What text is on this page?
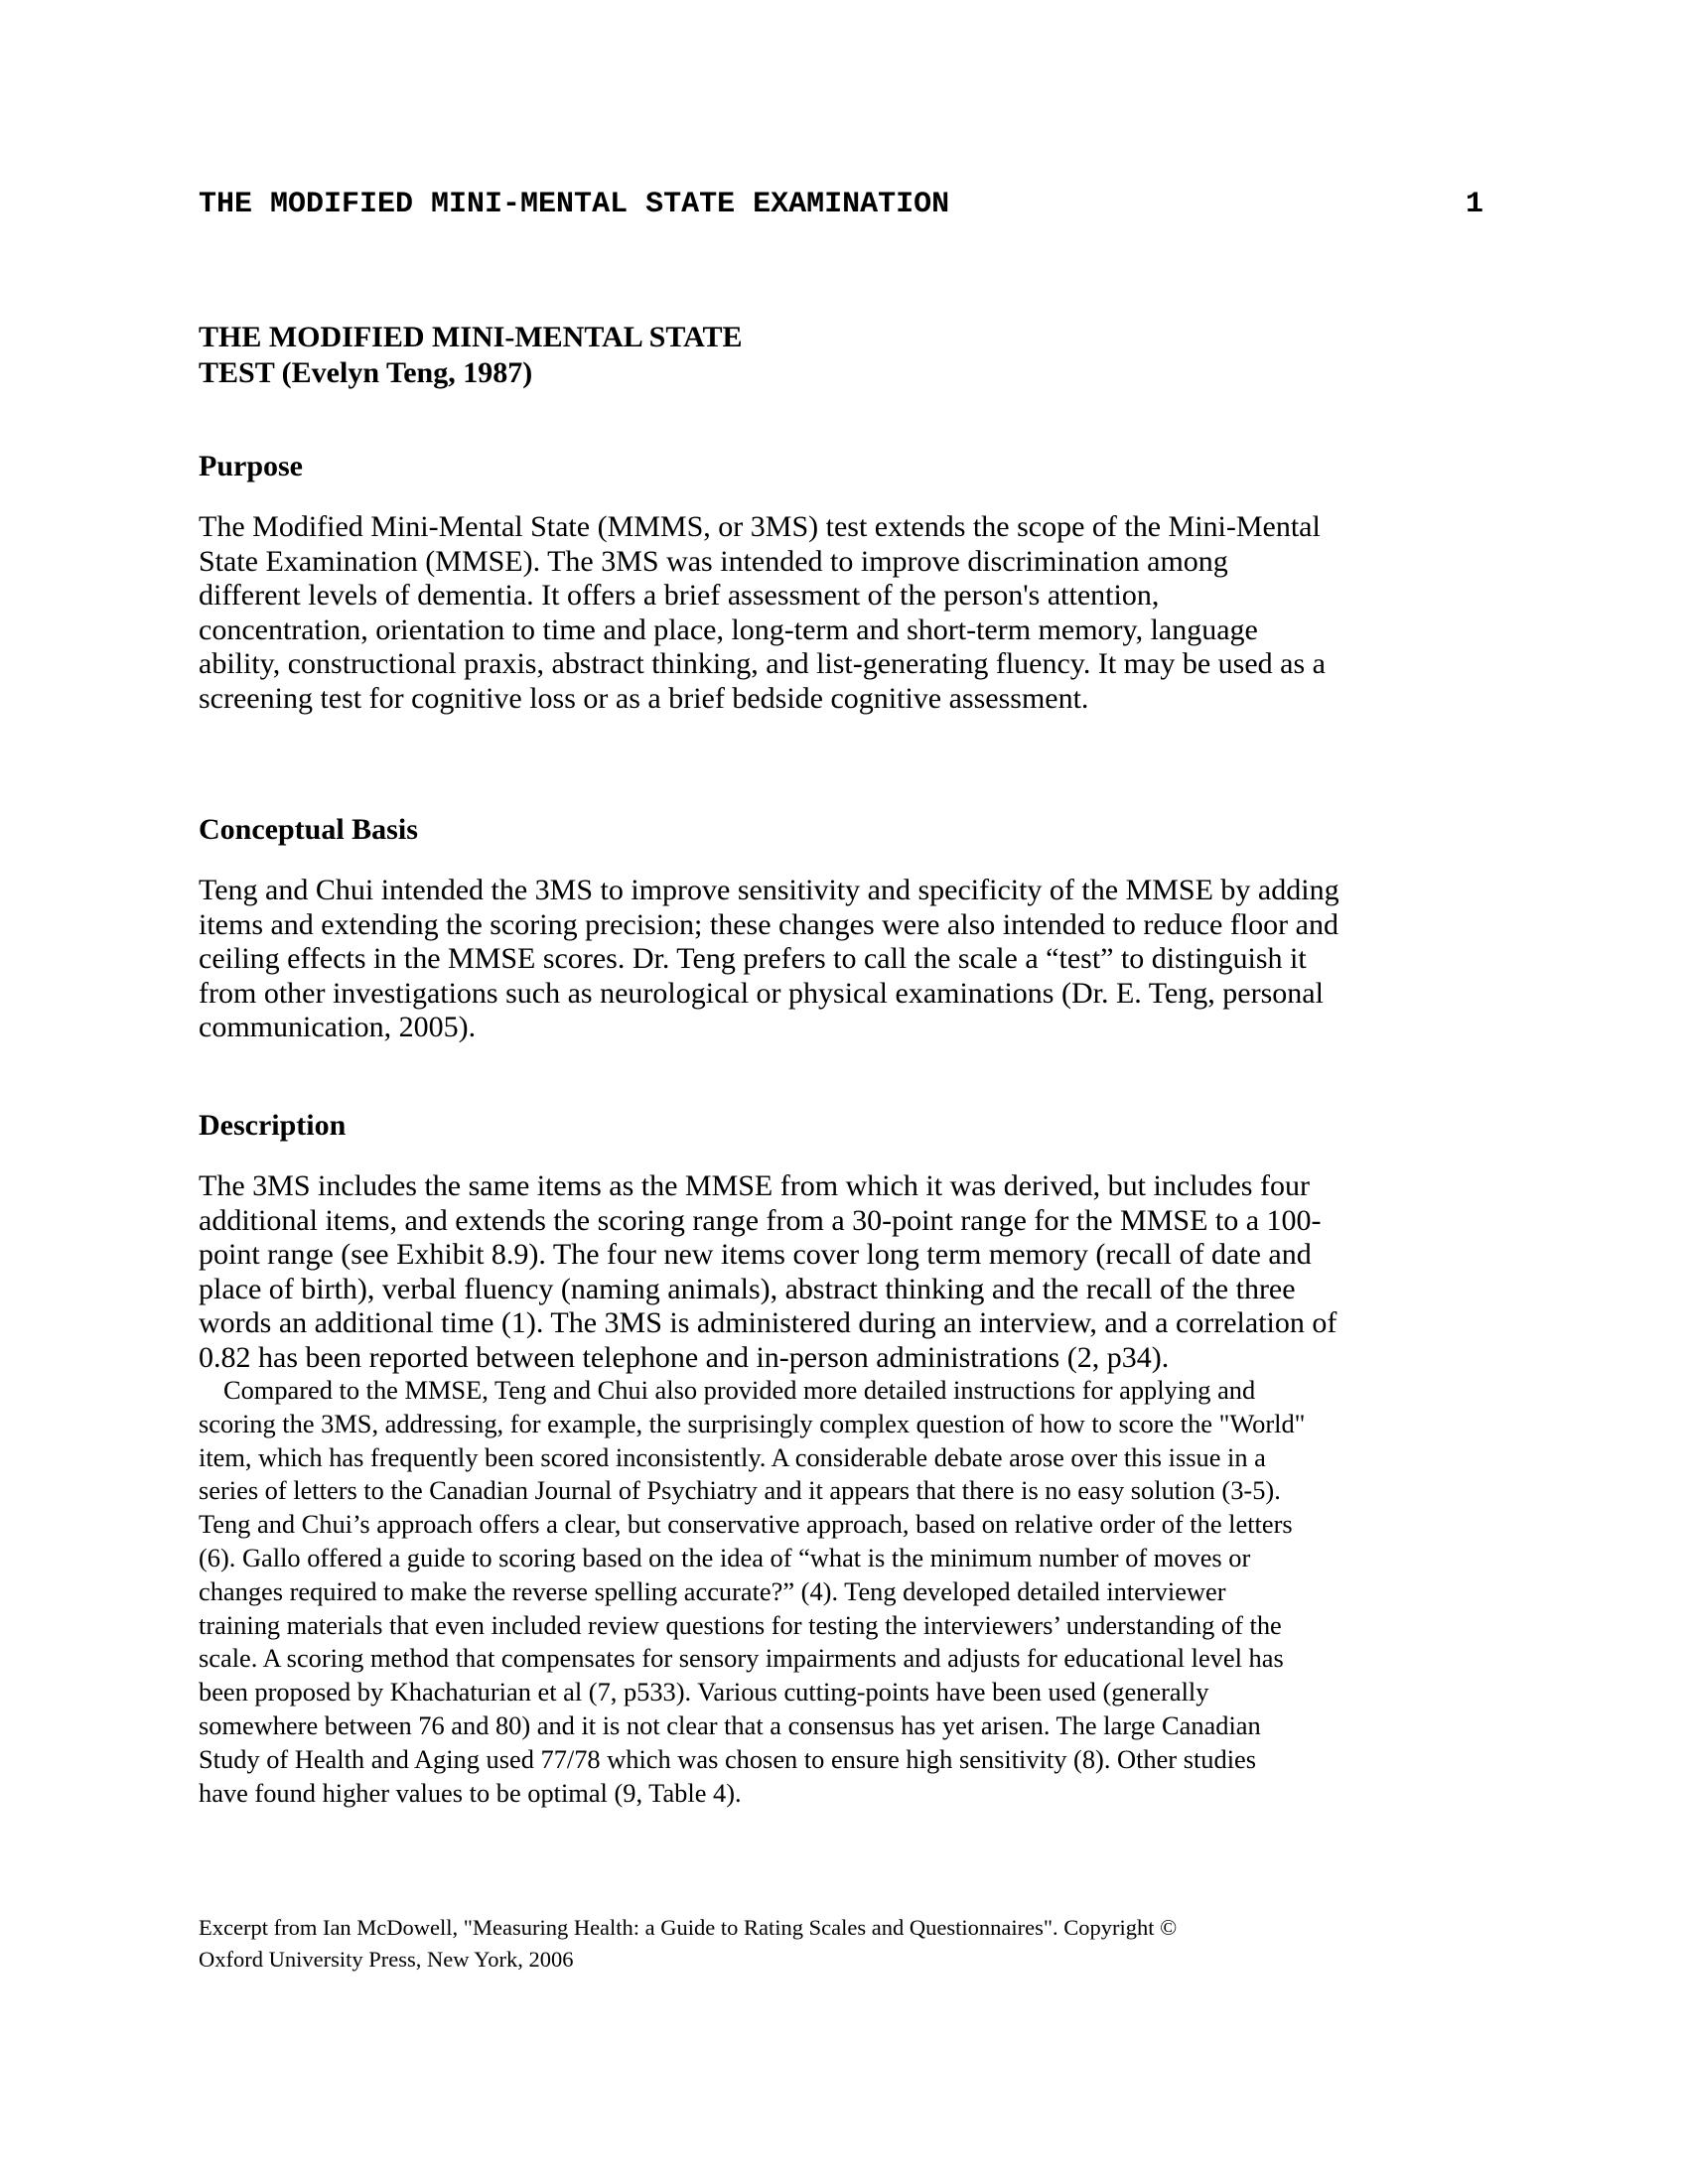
THE MODIFIED MINI-MENTAL STATE EXAMINATION	1
THE MODIFIED MINI-MENTAL STATE
TEST (Evelyn Teng, 1987)
Purpose

The Modified Mini-Mental State (MMMS, or 3MS) test extends the scope of the Mini-Mental
State Examination (MMSE). The 3MS was intended to improve discrimination among
different levels of dementia. It offers a brief assessment of the person's attention,
concentration, orientation to time and place, long-term and short-term memory, language
ability, constructional praxis, abstract thinking, and list-generating fluency. It may be used as a
screening test for cognitive loss or as a brief bedside cognitive assessment.

Conceptual Basis

Teng and Chui intended the 3MS to improve sensitivity and specificity of the MMSE by adding
items and extending the scoring precision; these changes were also intended to reduce floor and
ceiling effects in the MMSE scores. Dr. Teng prefers to call the scale a “test” to distinguish it
from other investigations such as neurological or physical examinations (Dr. E. Teng, personal
communication, 2005).

Description

The 3MS includes the same items as the MMSE from which it was derived, but includes four
additional items, and extends the scoring range from a 30-point range for the MMSE to a 100-
point range (see Exhibit 8.9). The four new items cover long term memory (recall of date and
place of birth), verbal fluency (naming animals), abstract thinking and the recall of the three
words an additional time (1). The 3MS is administered during an interview, and a correlation of
0.82 has been reported between telephone and in-person administrations (2, p34).

Compared to the MMSE, Teng and Chui also provided more detailed instructions for applying and
scoring the 3MS, addressing, for example, the surprisingly complex question of how to score the "World"
item, which has frequently been scored inconsistently. A considerable debate arose over this issue in a
series of letters to the Canadian Journal of Psychiatry and it appears that there is no easy solution (3-5).
Teng and Chui’s approach offers a clear, but conservative approach, based on relative order of the letters
(6). Gallo offered a guide to scoring based on the idea of “what is the minimum number of moves or
changes required to make the reverse spelling accurate?” (4). Teng developed detailed interviewer
training materials that even included review questions for testing the interviewers’ understanding of the
scale. A scoring method that compensates for sensory impairments and adjusts for educational level has
been proposed by Khachaturian et al (7, p533). Various cutting-points have been used (generally
somewhere between 76 and 80) and it is not clear that a consensus has yet arisen. The large Canadian
Study of Health and Aging used 77/78 which was chosen to ensure high sensitivity (8). Other studies
have found higher values to be optimal (9, Table 4).

Excerpt from Ian McDowell, "Measuring Health: a Guide to Rating Scales and Questionnaires". Copyright ©
Oxford University Press, New York, 2006
